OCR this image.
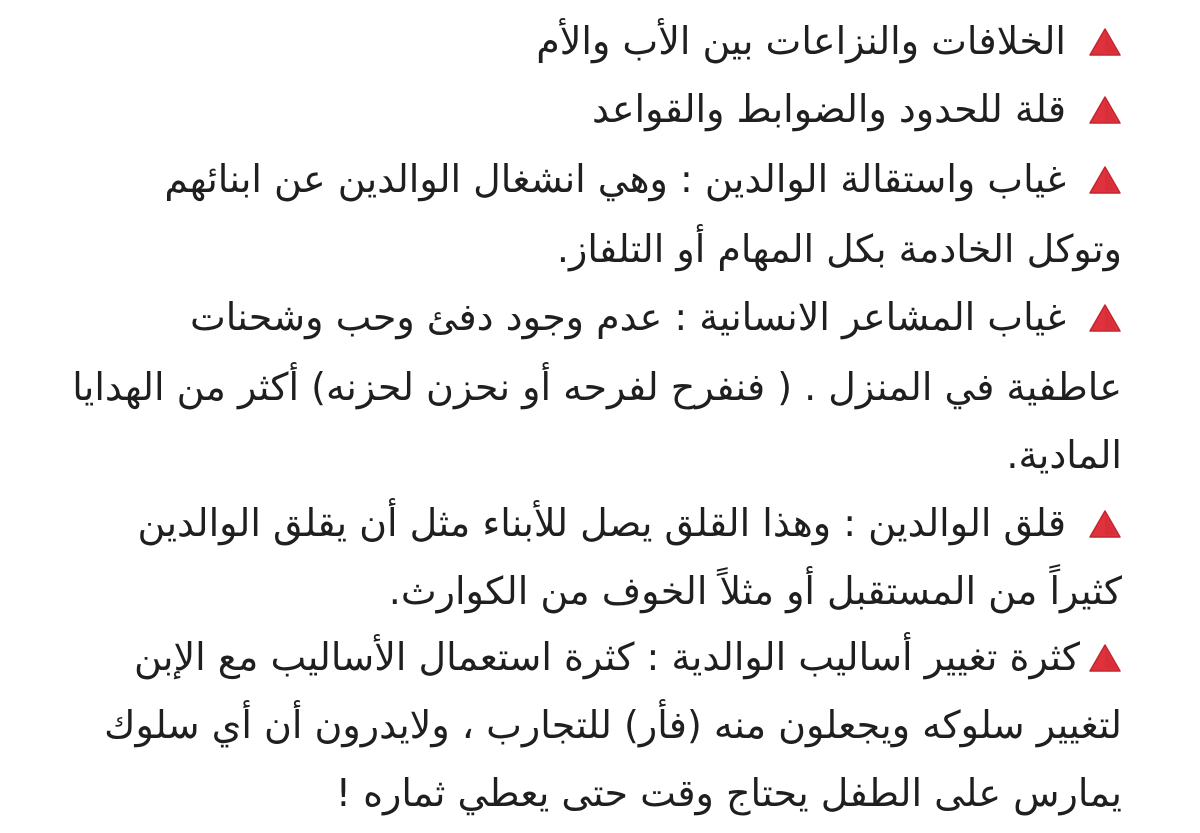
الخلافات والنزاعات بين الأب والأم
قلة للحدود والضوابط والقواعد
غياب واستقالة الوالدين : وهي انشغال الوالدين عن ابنائهم
وتوكل الخادمة بكل المهام أو التلفاز.
غياب المشاعر الانسانية : عدم وجود دفئ وحب وشحنات
عاطفية في المنزل . ( فنفرح لفرحه أو نحزن لحزنه) أكثر من الهدايا
المادية.
قلق الوالدين : وهذا القلق يصل للأبناء مثل أن يقلق الوالدين
كثيراً من المستقبل أو مثلاً الخوف من الكوارث.
كثرة تغيير أساليب الوالدية : كثرة استعمال الأساليب مع الإبن
لتغيير سلوكه ويجعلون منه (فأر) للتجارب ، ولايدرون أن أي سلوك
يمارس على الطفل يحتاج وقت حتى يعطي ثماره !
